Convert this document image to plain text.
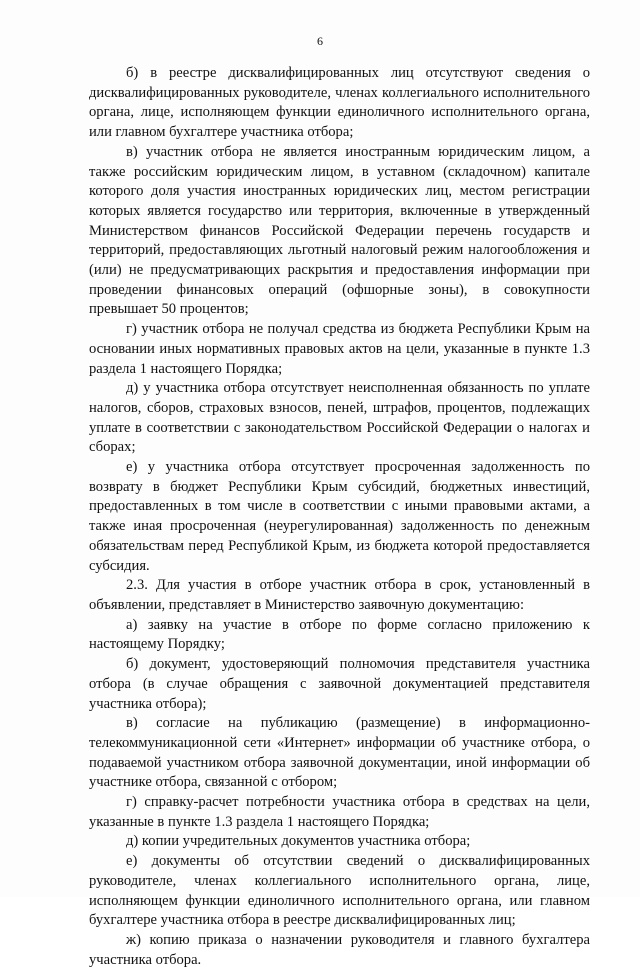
6

б) в реестре дисквалифицированных лиц отсутствуют сведения о дисквалифицированных руководителе, членах коллегиального исполнительного органа, лице, исполняющем функции единоличного исполнительного органа, или главном бухгалтере участника отбора;

в) участник отбора не является иностранным юридическим лицом, а также российским юридическим лицом, в уставном (складочном) капитале которого доля участия иностранных юридических лиц, местом регистрации которых является государство или территория, включенные в утвержденный Министерством финансов Российской Федерации перечень государств и территорий, предоставляющих льготный налоговый режим налогообложения и (или) не предусматривающих раскрытия и предоставления информации при проведении финансовых операций (офшорные зоны), в совокупности превышает 50 процентов;

г) участник отбора не получал средства из бюджета Республики Крым на основании иных нормативных правовых актов на цели, указанные в пункте 1.3 раздела 1 настоящего Порядка;

д) у участника отбора отсутствует неисполненная обязанность по уплате налогов, сборов, страховых взносов, пеней, штрафов, процентов, подлежащих уплате в соответствии с законодательством Российской Федерации о налогах и сборах;

е) у участника отбора отсутствует просроченная задолженность по возврату в бюджет Республики Крым субсидий, бюджетных инвестиций, предоставленных в том числе в соответствии с иными правовыми актами, а также иная просроченная (неурегулированная) задолженность по денежным обязательствам перед Республикой Крым, из бюджета которой предоставляется субсидия.

2.3. Для участия в отборе участник отбора в срок, установленный в объявлении, представляет в Министерство заявочную документацию:

а) заявку на участие в отборе по форме согласно приложению к настоящему Порядку;

б) документ, удостоверяющий полномочия представителя участника отбора (в случае обращения с заявочной документацией представителя участника отбора);

в) согласие на публикацию (размещение) в информационно-телекоммуникационной сети «Интернет» информации об участнике отбора, о подаваемой участником отбора заявочной документации, иной информации об участнике отбора, связанной с отбором;

г) справку-расчет потребности участника отбора в средствах на цели, указанные в пункте 1.3 раздела 1 настоящего Порядка;

д) копии учредительных документов участника отбора;

е) документы об отсутствии сведений о дисквалифицированных руководителе, членах коллегиального исполнительного органа, лице, исполняющем функции единоличного исполнительного органа, или главном бухгалтере участника отбора в реестре дисквалифицированных лиц;

ж) копию приказа о назначении руководителя и главного бухгалтера участника отбора.
